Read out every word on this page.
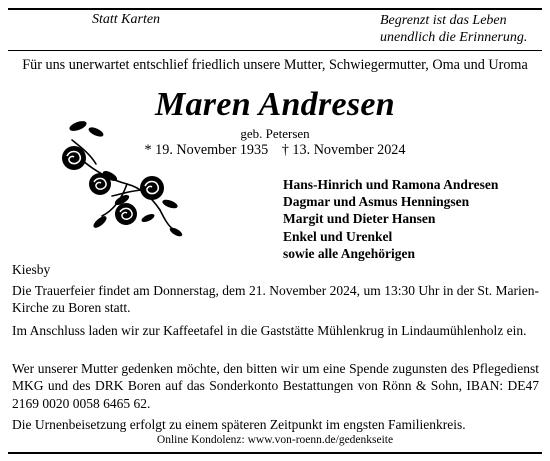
Statt Karten	Begrenzt ist das Leben
unendlich die Erinnerung.
Für uns unerwartet entschlief friedlich unsere Mutter, Schwiegermutter, Oma und Uroma
Maren Andresen
geb. Petersen
* 19. November 1935 † 13. November 2024
Hans-Hinrich und Ramona Andresen
Dagmar und Asmus Henningsen
Margit und Dieter Hansen
Enkel und Urenkel
sowie alle Angehörigen
Kiesby
Die Trauerfeier findet am Donnerstag, dem 21. November 2024, um 13:30 Uhr in der St. Marien-Kirche zu Boren statt.
Im Anschluss laden wir zur Kaffeetafel in die Gaststätte Mühlenkrug in Lindaumühlenholz ein.
Wer unserer Mutter gedenken möchte, den bitten wir um eine Spende zugunsten des Pflegedienst MKG und des DRK Boren auf das Sonderkonto Bestattungen von Rönn & Sohn, IBAN: DE47 2169 0020 0058 6465 62.
Die Urnenbeisetzung erfolgt zu einem späteren Zeitpunkt im engsten Familienkreis.
Online Kondolenz: www.von-roenn.de/gedenkseite
